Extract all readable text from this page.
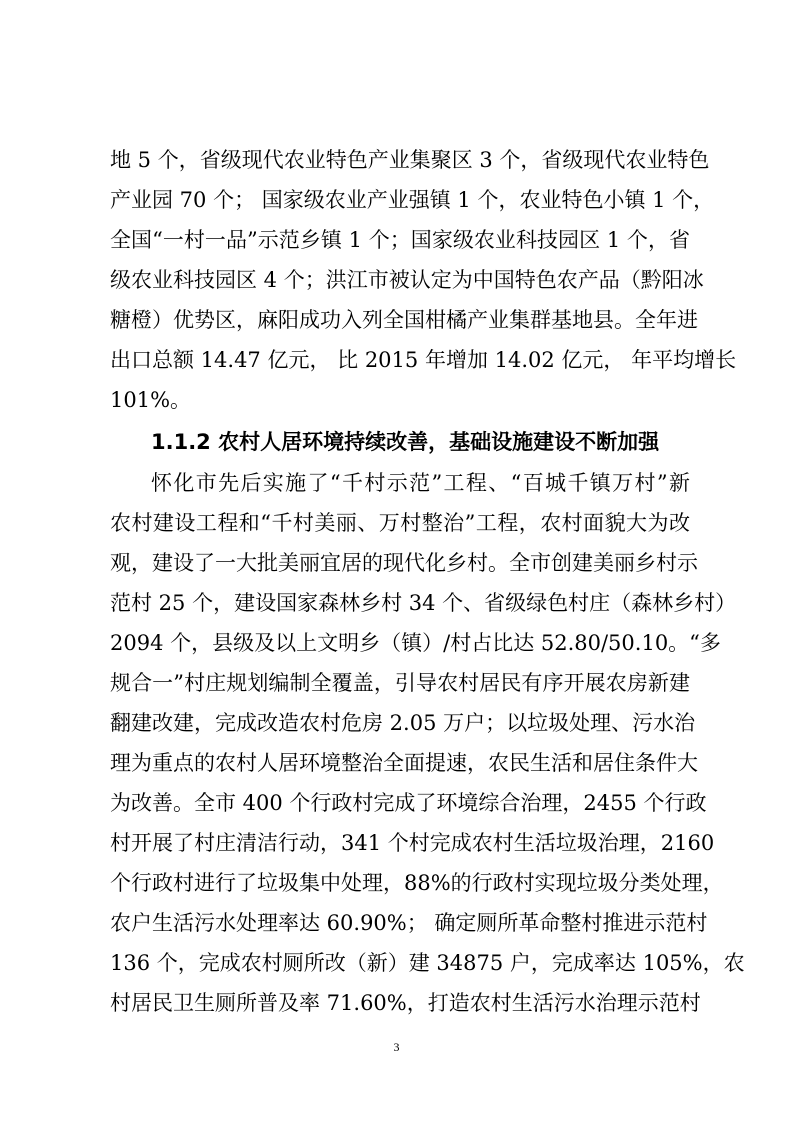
地 5 个，省级现代农业特色产业集聚区 3 个，省级现代农业特色
产业园 70 个； 国家级农业产业强镇 1 个，农业特色小镇 1 个，
全国“一村一品”示范乡镇 1 个；国家级农业科技园区 1 个，省
级农业科技园区 4 个；洪江市被认定为中国特色农产品（黔阳冰
糖橙）优势区，麻阳成功入列全国柑橘产业集群基地县。全年进
出口总额 14.47 亿元， 比 2015 年增加 14.02 亿元， 年平均增长
101%。
1.1.2 农村人居环境持续改善，基础设施建设不断加强
怀化市先后实施了“千村示范”工程、“百城千镇万村”新
农村建设工程和“千村美丽、万村整治”工程，农村面貌大为改
观，建设了一大批美丽宜居的现代化乡村。全市创建美丽乡村示
范村 25 个，建设国家森林乡村 34 个、省级绿色村庄（森林乡村）
2094 个，县级及以上文明乡（镇）/村占比达 52.80/50.10。“多
规合一”村庄规划编制全覆盖，引导农村居民有序开展农房新建
翻建改建，完成改造农村危房 2.05 万户；以垃圾处理、污水治
理为重点的农村人居环境整治全面提速，农民生活和居住条件大
为改善。全市 400 个行政村完成了环境综合治理，2455 个行政
村开展了村庄清洁行动，341 个村完成农村生活垃圾治理，2160
个行政村进行了垃圾集中处理，88%的行政村实现垃圾分类处理，
农户生活污水处理率达 60.90%； 确定厕所革命整村推进示范村
136 个，完成农村厕所改（新）建 34875 户，完成率达 105%，农
村居民卫生厕所普及率 71.60%，打造农村生活污水治理示范村
3
